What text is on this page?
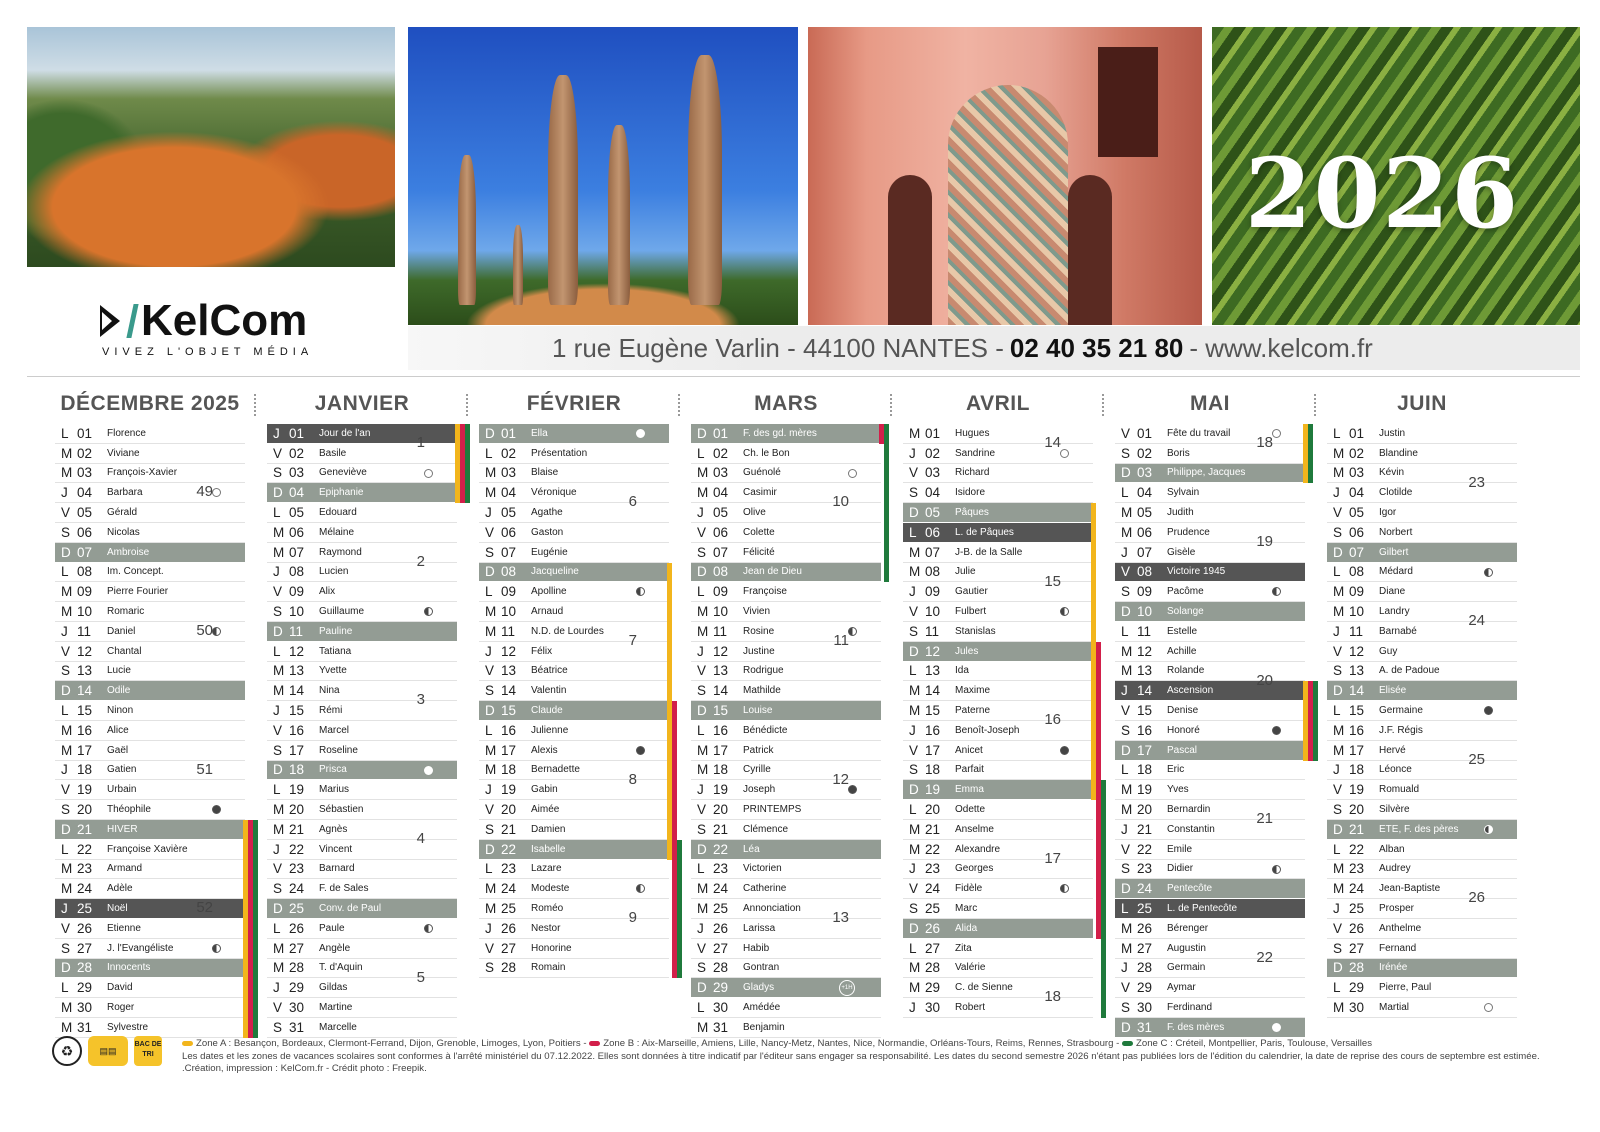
2026
KelCom
VIVEZ L'OBJET MÉDIA	1 rue Eugène Varlin - 44100 NANTES - 02 40 35 21 80 - www.kelcom.fr
DÉCEMBRE 2025
L 01	Florence
M 02	Viviane
M 03	François-Xavier
J 04	Barbara
V 05	Gérald
S 06	Nicolas
D 07	Ambroise
L 08	Im. Concept.
M 09	Pierre Fourier
M 10	Romaric
J 11	Daniel
V 12	Chantal
S 13	Lucie
D 14	Odile
L 15	Ninon
M 16	Alice
M 17	Gaël
J 18	Gatien
V 19	Urbain
S 20	Théophile
D 21	HIVER
L 22	Françoise Xavière
M 23	Armand
M 24	Adèle
J 25	Noël
V 26	Etienne
S 27	J. l'Evangéliste
D 28	Innocents
L 29	David
M 30	Roger
M 31	Sylvestre
49
50
51
52
JANVIER
J 01	Jour de l'an
V 02	Basile
S 03	Geneviève
D 04	Epiphanie
L 05	Edouard
M 06	Mélaine
M 07	Raymond
J 08	Lucien
V 09	Alix
S 10	Guillaume
D 11	Pauline
L 12	Tatiana
M 13	Yvette
M 14	Nina
J 15	Rémi
V 16	Marcel
S 17	Roseline
D 18	Prisca
L 19	Marius
M 20	Sébastien
M 21	Agnès
J 22	Vincent
V 23	Barnard
S 24	F. de Sales
D 25	Conv. de Paul
L 26	Paule
M 27	Angèle
M 28	T. d'Aquin
J 29	Gildas
V 30	Martine
S 31	Marcelle
1
2
3
4
5
FÉVRIER
D 01	Ella
L 02	Présentation
M 03	Blaise
M 04	Véronique
J 05	Agathe
V 06	Gaston
S 07	Eugénie
D 08	Jacqueline
L 09	Apolline
M 10	Arnaud
M 11	N.D. de Lourdes
J 12	Félix
V 13	Béatrice
S 14	Valentin
D 15	Claude
L 16	Julienne
M 17	Alexis
M 18	Bernadette
J 19	Gabin
V 20	Aimée
S 21	Damien
D 22	Isabelle
L 23	Lazare
M 24	Modeste
M 25	Roméo
J 26	Nestor
V 27	Honorine
S 28	Romain
6
7
8
9
MARS
D 01	F. des gd. mères
L 02	Ch. le Bon
M 03	Guénolé
M 04	Casimir
J 05	Olive
V 06	Colette
S 07	Félicité
D 08	Jean de Dieu
L 09	Françoise
M 10	Vivien
M 11	Rosine
J 12	Justine
V 13	Rodrigue
S 14	Mathilde
D 15	Louise
L 16	Bénédicte
M 17	Patrick
M 18	Cyrille
J 19	Joseph
V 20	PRINTEMPS
S 21	Clémence
D 22	Léa
L 23	Victorien
M 24	Catherine
M 25	Annonciation
J 26	Larissa
V 27	Habib
S 28	Gontran
D 29	Gladys	+1H
L 30	Amédée
M 31	Benjamin
10
11
12
13
AVRIL
M 01	Hugues
J 02	Sandrine
V 03	Richard
S 04	Isidore
D 05	Pâques
L 06	L. de Pâques
M 07	J-B. de la Salle
M 08	Julie
J 09	Gautier
V 10	Fulbert
S 11	Stanislas
D 12	Jules
L 13	Ida
M 14	Maxime
M 15	Paterne
J 16	Benoît-Joseph
V 17	Anicet
S 18	Parfait
D 19	Emma
L 20	Odette
M 21	Anselme
M 22	Alexandre
J 23	Georges
V 24	Fidèle
S 25	Marc
D 26	Alida
L 27	Zita
M 28	Valérie
M 29	C. de Sienne
J 30	Robert
14
15
16
17
18
MAI
V 01	Fête du travail
S 02	Boris
D 03	Philippe, Jacques
L 04	Sylvain
M 05	Judith
M 06	Prudence
J 07	Gisèle
V 08	Victoire 1945
S 09	Pacôme
D 10	Solange
L 11	Estelle
M 12	Achille
M 13	Rolande
J 14	Ascension
V 15	Denise
S 16	Honoré
D 17	Pascal
L 18	Eric
M 19	Yves
M 20	Bernardin
J 21	Constantin
V 22	Emile
S 23	Didier
D 24	Pentecôte
L 25	L. de Pentecôte
M 26	Bérenger
M 27	Augustin
J 28	Germain
V 29	Aymar
S 30	Ferdinand
D 31	F. des mères
18
19
20
21
22
JUIN
L 01	Justin
M 02	Blandine
M 03	Kévin
J 04	Clotilde
V 05	Igor
S 06	Norbert
D 07	Gilbert
L 08	Médard
M 09	Diane
M 10	Landry
J 11	Barnabé
V 12	Guy
S 13	A. de Padoue
D 14	Elisée
L 15	Germaine
M 16	J.F. Régis
M 17	Hervé
J 18	Léonce
V 19	Romuald
S 20	Silvère
D 21	ETE, F. des pères
L 22	Alban
M 23	Audrey
M 24	Jean-Baptiste
J 25	Prosper
V 26	Anthelme
S 27	Fernand
D 28	Irénée
L 29	Pierre, Paul
M 30	Martial
23
24
25
26
♻	▤▤
BAC DE TRI
Zone A : Besançon, Bordeaux, Clermont-Ferrand, Dijon, Grenoble, Limoges, Lyon, Poitiers - Zone B : Aix-Marseille, Amiens, Lille, Nancy-Metz, Nantes, Nice, Normandie, Orléans-Tours, Reims, Rennes, Strasbourg - Zone C : Créteil, Montpellier, Paris, Toulouse, Versailles
Les dates et les zones de vacances scolaires sont conformes à l'arrêté ministériel du 07.12.2022. Elles sont données à titre indicatif par l'éditeur sans engager sa responsabilité. Les dates du second semestre 2026 n'étant pas publiées lors de l'édition du calendrier, la date de reprise des cours de septembre est estimée. .Création, impression : KelCom.fr - Crédit photo : Freepik.
